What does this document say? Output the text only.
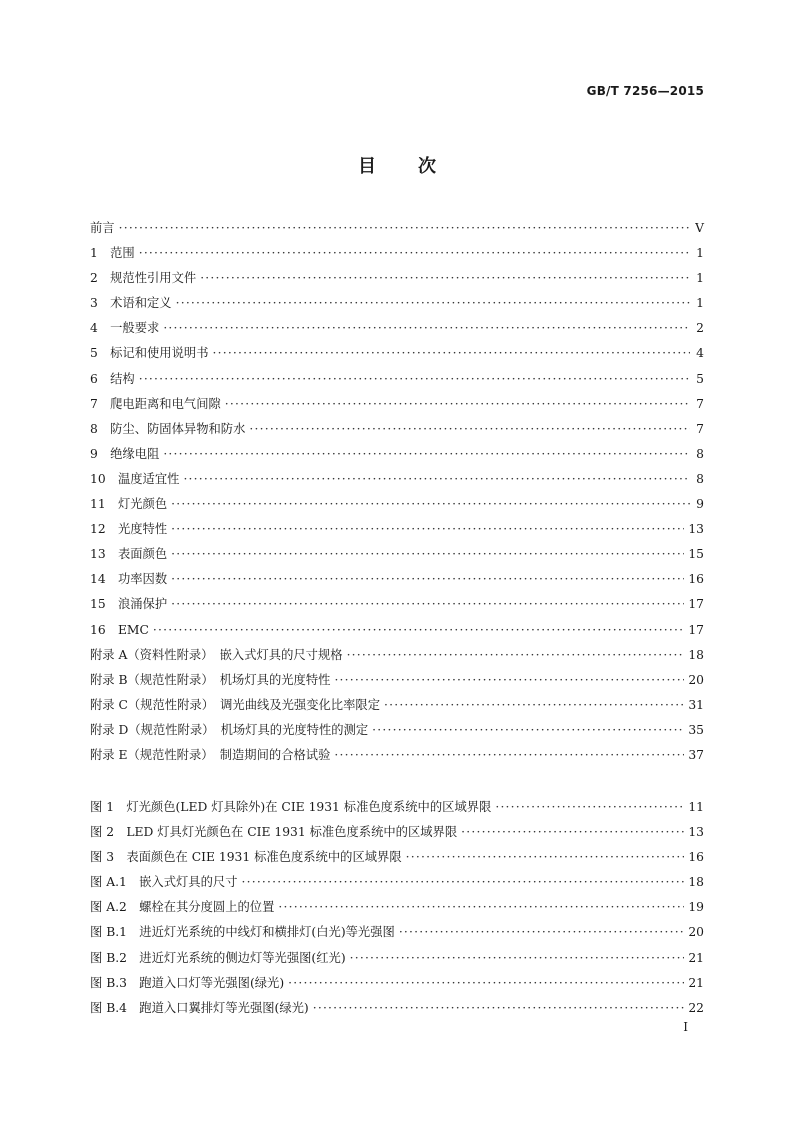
GB/T 7256—2015
目 次
前言 ·····	V
1　范围 ·····	1
2　规范性引用文件 ·····	1
3　术语和定义 ·····	1
4　一般要求 ·····	2
5　标记和使用说明书 ·····	4
6　结构 ·····	5
7　爬电距离和电气间隙 ·····	7
8　防尘、防固体异物和防水 ·····	7
9　绝缘电阻 ·····	8
10　温度适宜性 ·····	8
11　灯光颜色 ·····	9
12　光度特性 ·····	13
13　表面颜色 ·····	15
14　功率因数 ·····	16
15　浪涌保护 ·····	17
16　EMC ·····	17
附录 A（资料性附录）　嵌入式灯具的尺寸规格 ·····	18
附录 B（规范性附录）　机场灯具的光度特性 ·····	20
附录 C（规范性附录）　调光曲线及光强变化比率限定 ·····	31
附录 D（规范性附录）　机场灯具的光度特性的测定 ·····	35
附录 E（规范性附录）　制造期间的合格试验 ·····	37
图 1　灯光颜色(LED 灯具除外)在 CIE 1931 标准色度系统中的区域界限 ·····	11
图 2　LED 灯具灯光颜色在 CIE 1931 标准色度系统中的区域界限 ·····	13
图 3　表面颜色在 CIE 1931 标准色度系统中的区域界限 ·····	16
图 A.1　嵌入式灯具的尺寸 ·····	18
图 A.2　螺栓在其分度圆上的位置 ·····	19
图 B.1　进近灯光系统的中线灯和横排灯(白光)等光强图 ·····	20
图 B.2　进近灯光系统的侧边灯等光强图(红光) ·····	21
图 B.3　跑道入口灯等光强图(绿光) ·····	21
图 B.4　跑道入口翼排灯等光强图(绿光) ·····	22
I
